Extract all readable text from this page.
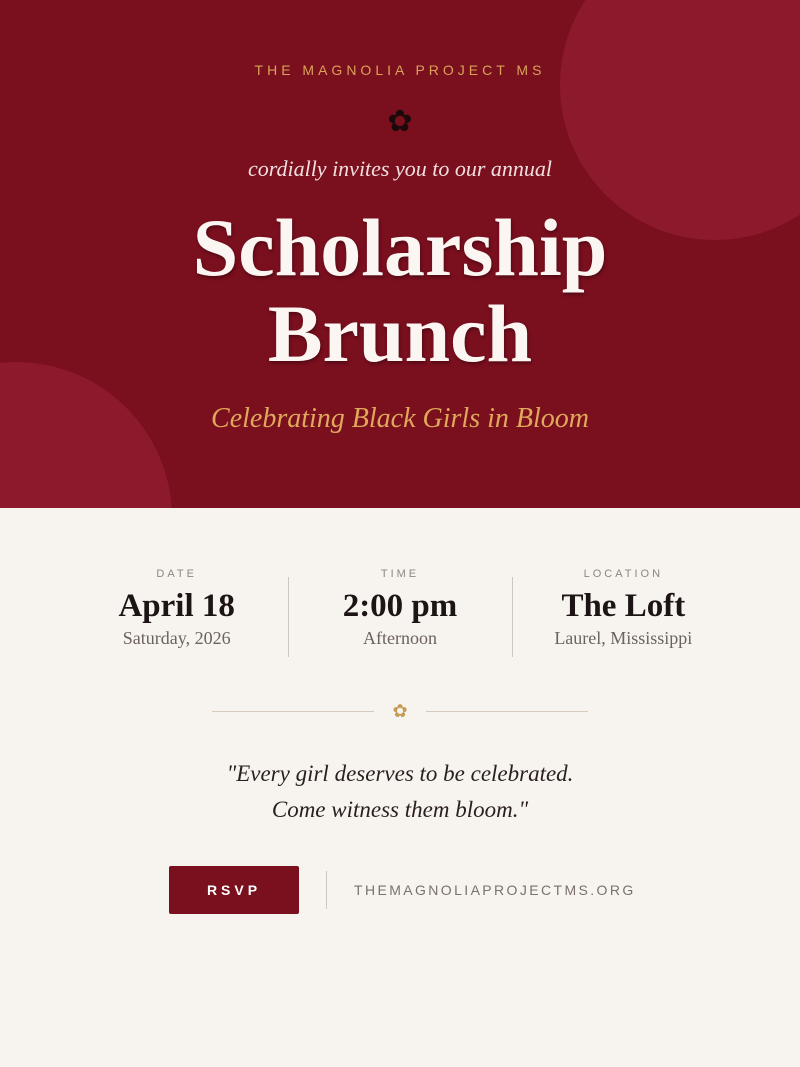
THE MAGNOLIA PROJECT MS
✿
cordially invites you to our annual
Scholarship
Brunch
Celebrating Black Girls in Bloom
DATE
April 18
Saturday, 2026
TIME
2:00 pm
Afternoon
LOCATION
The Loft
Laurel, Mississippi
✿
"Every girl deserves to be celebrated.
Come witness them bloom."
RSVP	THEMAGNOLIAPROJECTMS.ORG
